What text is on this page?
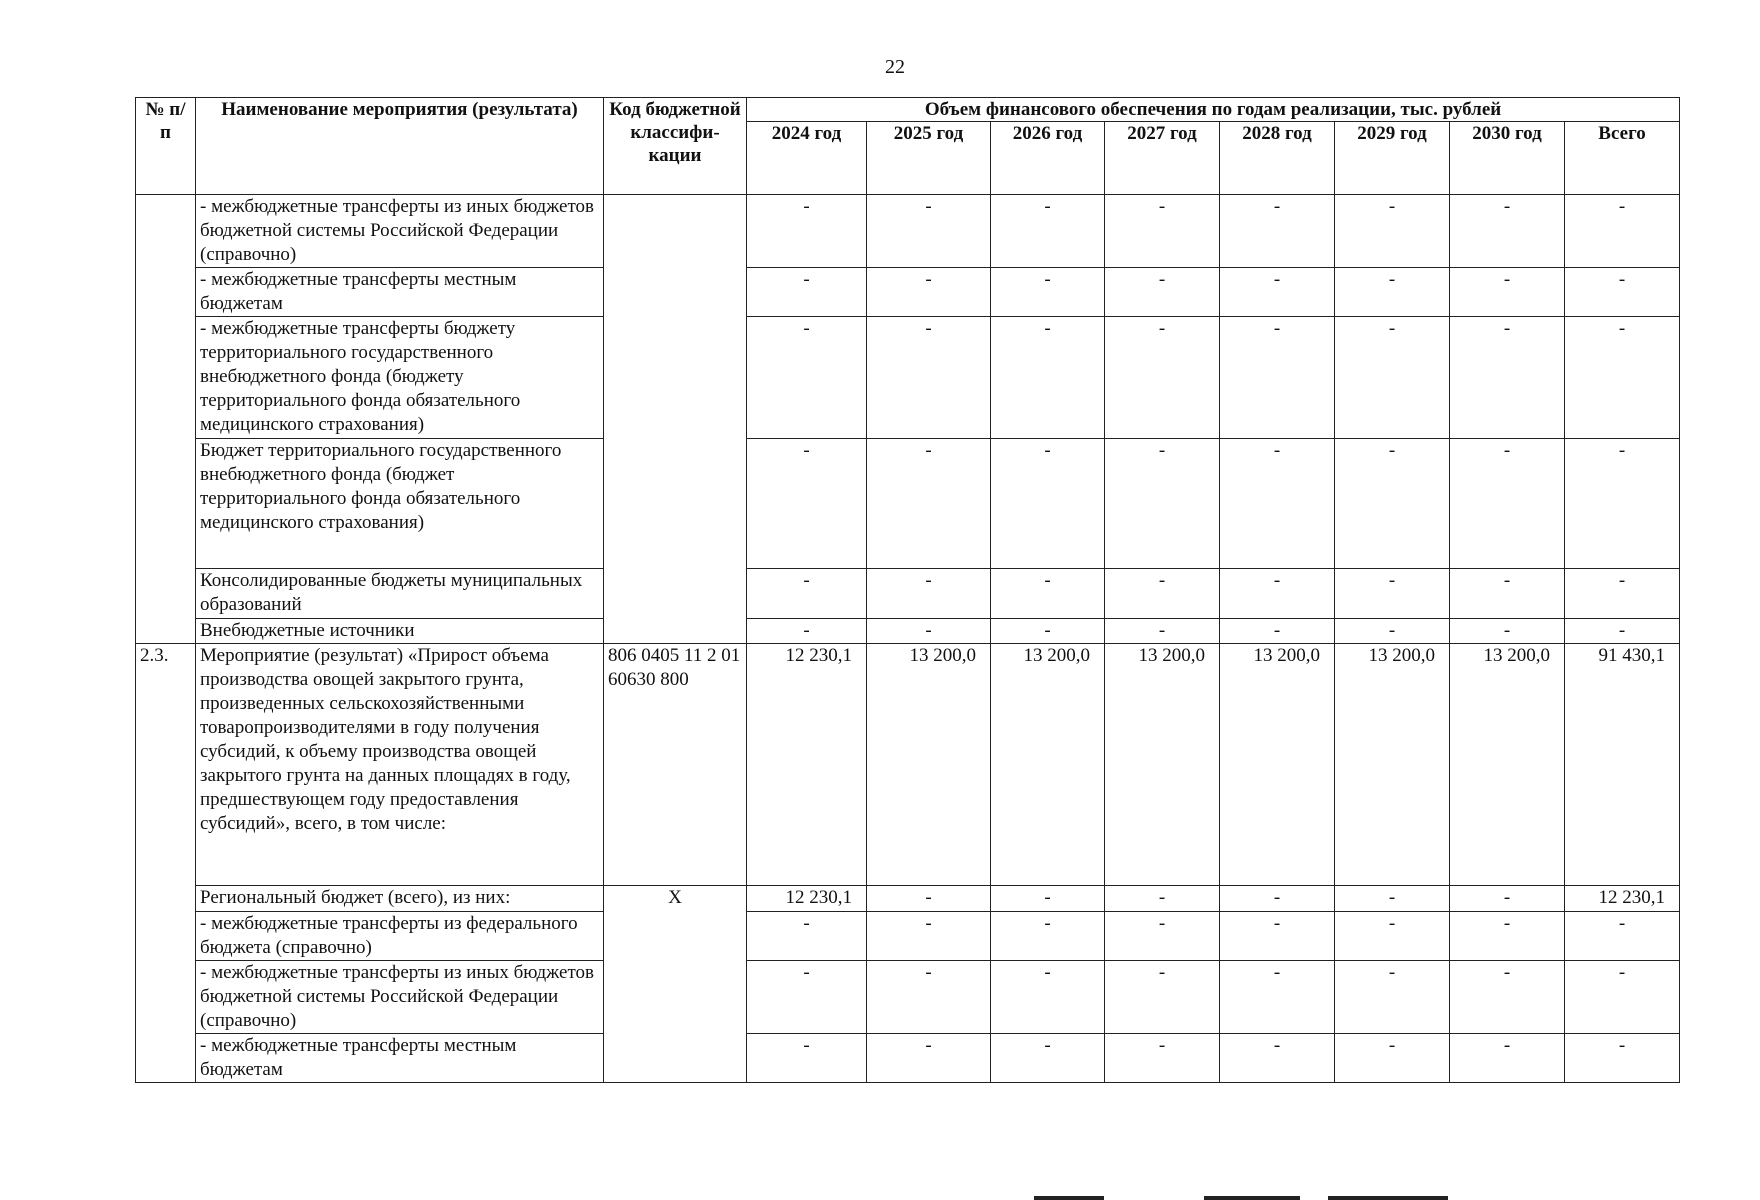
22
№ п/п	Наименование мероприятия (результата)	Код бюджетной классифи-кации	Объем финансового обеспечения по годам реализации, тыс. рублей							
			2024 год	2025 год	2026 год	2027 год	2028 год	2029 год	2030 год	Всего
	- межбюджетные трансферты из иных бюджетов бюджетной системы Российской Федерации (справочно)		-	-	-	-	-	-	-	-
	- межбюджетные трансферты местным бюджетам		-	-	-	-	-	-	-	-
	- межбюджетные трансферты бюджету территориального государственного внебюджетного фонда (бюджету территориального фонда обязательного медицинского страхования)		-	-	-	-	-	-	-	-
	Бюджет территориального государственного внебюджетного фонда (бюджет территориального фонда обязательного медицинского страхования)		-	-	-	-	-	-	-	-
	Консолидированные бюджеты муниципальных образований		-	-	-	-	-	-	-	-
	Внебюджетные источники		-	-	-	-	-	-	-	-
2.3.	Мероприятие (результат) «Прирост объема производства овощей закрытого грунта, произведенных сельскохозяйственными товаропроизводителями в году получения субсидий, к объему производства овощей закрытого грунта на данных площадях в году, предшествующем году предоставления субсидий», всего, в том числе:	806 0405 11 2 01 60630 800	12 230,1	13 200,0	13 200,0	13 200,0	13 200,0	13 200,0	13 200,0	91 430,1
	Региональный бюджет (всего), из них:	Х	12 230,1	-	-	-	-	-	-	12 230,1
	- межбюджетные трансферты из федерального бюджета (справочно)		-	-	-	-	-	-	-	-
	- межбюджетные трансферты из иных бюджетов бюджетной системы Российской Федерации (справочно)		-	-	-	-	-	-	-	-
	- межбюджетные трансферты местным бюджетам		-	-	-	-	-	-	-	-
